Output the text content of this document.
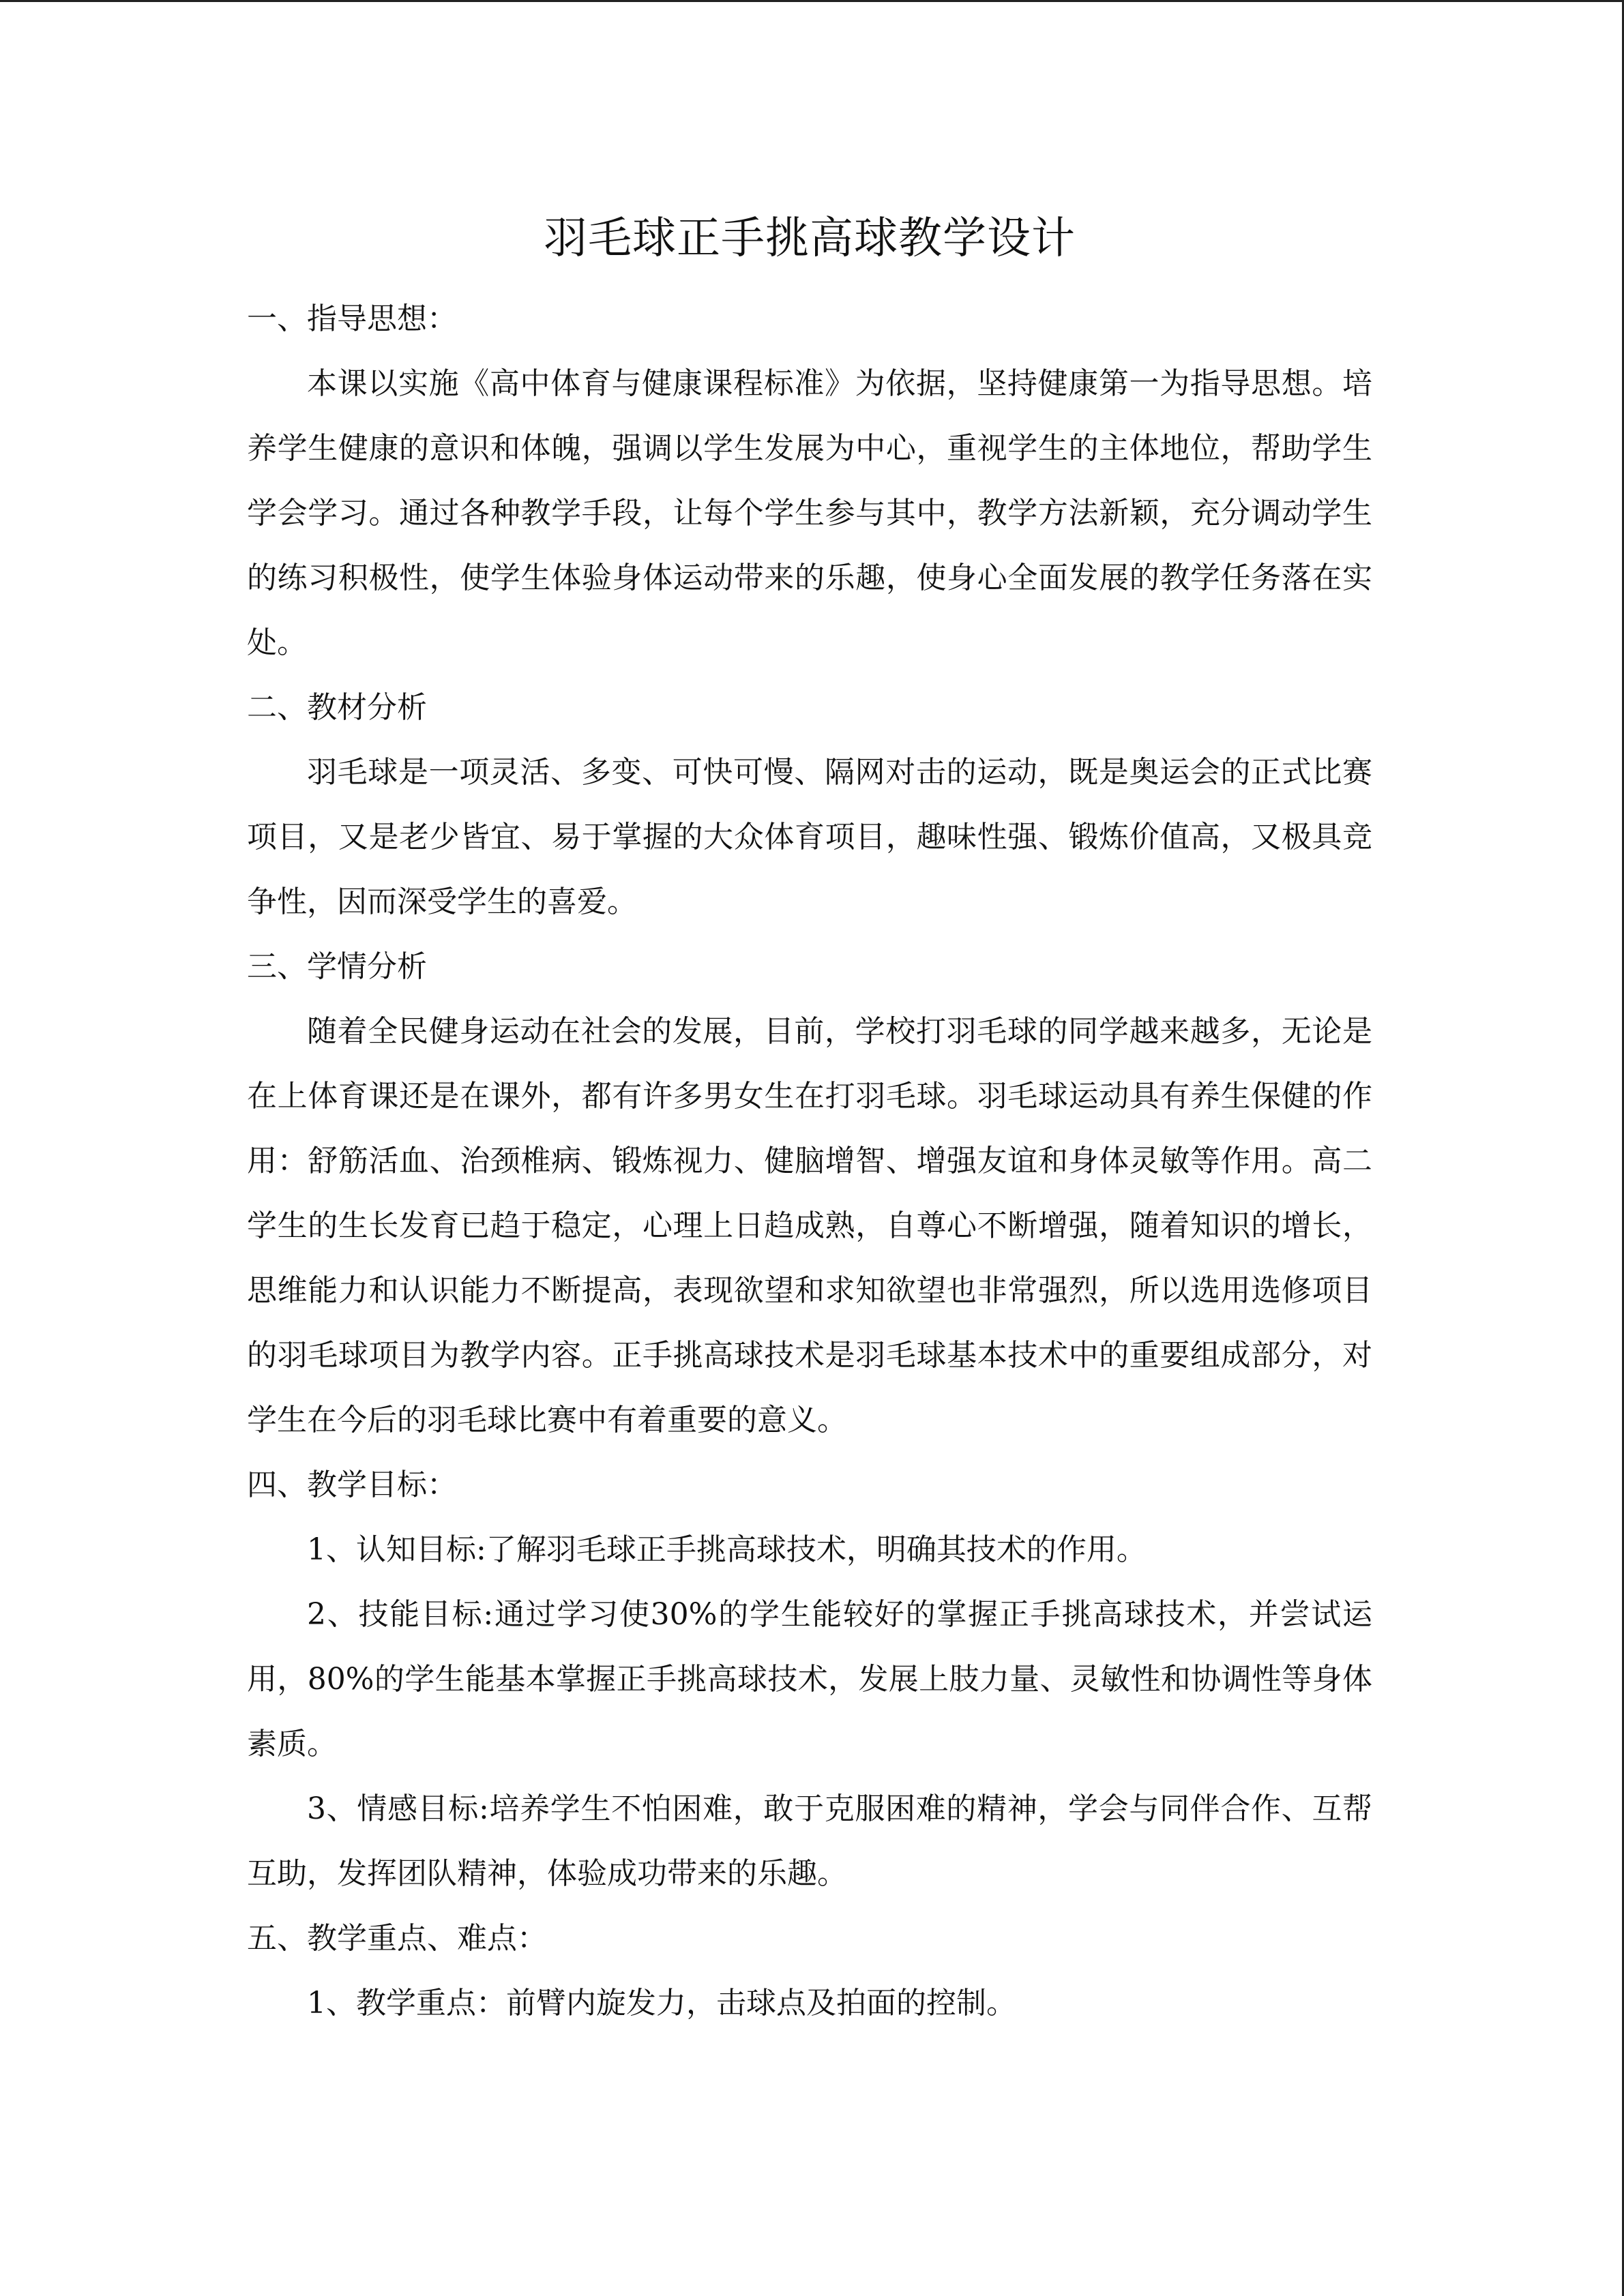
羽毛球正手挑高球教学设计

一、指导思想：

本课以实施《高中体育与健康课程标准》为依据，坚持健康第一为指导思想。培养学生健康的意识和体魄，强调以学生发展为中心，重视学生的主体地位，帮助学生学会学习。通过各种教学手段，让每个学生参与其中，教学方法新颖，充分调动学生的练习积极性，使学生体验身体运动带来的乐趣，使身心全面发展的教学任务落在实处。

二、教材分析

羽毛球是一项灵活、多变、可快可慢、隔网对击的运动，既是奥运会的正式比赛项目，又是老少皆宜、易于掌握的大众体育项目，趣味性强、锻炼价值高，又极具竞争性，因而深受学生的喜爱。

三、学情分析

随着全民健身运动在社会的发展，目前，学校打羽毛球的同学越来越多，无论是在上体育课还是在课外，都有许多男女生在打羽毛球。羽毛球运动具有养生保健的作用：舒筋活血、治颈椎病、锻炼视力、健脑增智、增强友谊和身体灵敏等作用。高二学生的生长发育已趋于稳定，心理上日趋成熟，自尊心不断增强，随着知识的增长，思维能力和认识能力不断提高，表现欲望和求知欲望也非常强烈，所以选用选修项目的羽毛球项目为教学内容。正手挑高球技术是羽毛球基本技术中的重要组成部分，对学生在今后的羽毛球比赛中有着重要的意义。

四、教学目标：

1、认知目标:了解羽毛球正手挑高球技术，明确其技术的作用。

2、技能目标:通过学习使30%的学生能较好的掌握正手挑高球技术，并尝试运用，80%的学生能基本掌握正手挑高球技术，发展上肢力量、灵敏性和协调性等身体素质。

3、情感目标:培养学生不怕困难，敢于克服困难的精神，学会与同伴合作、互帮互助，发挥团队精神，体验成功带来的乐趣。

五、教学重点、难点：

1、教学重点：前臂内旋发力，击球点及拍面的控制。
